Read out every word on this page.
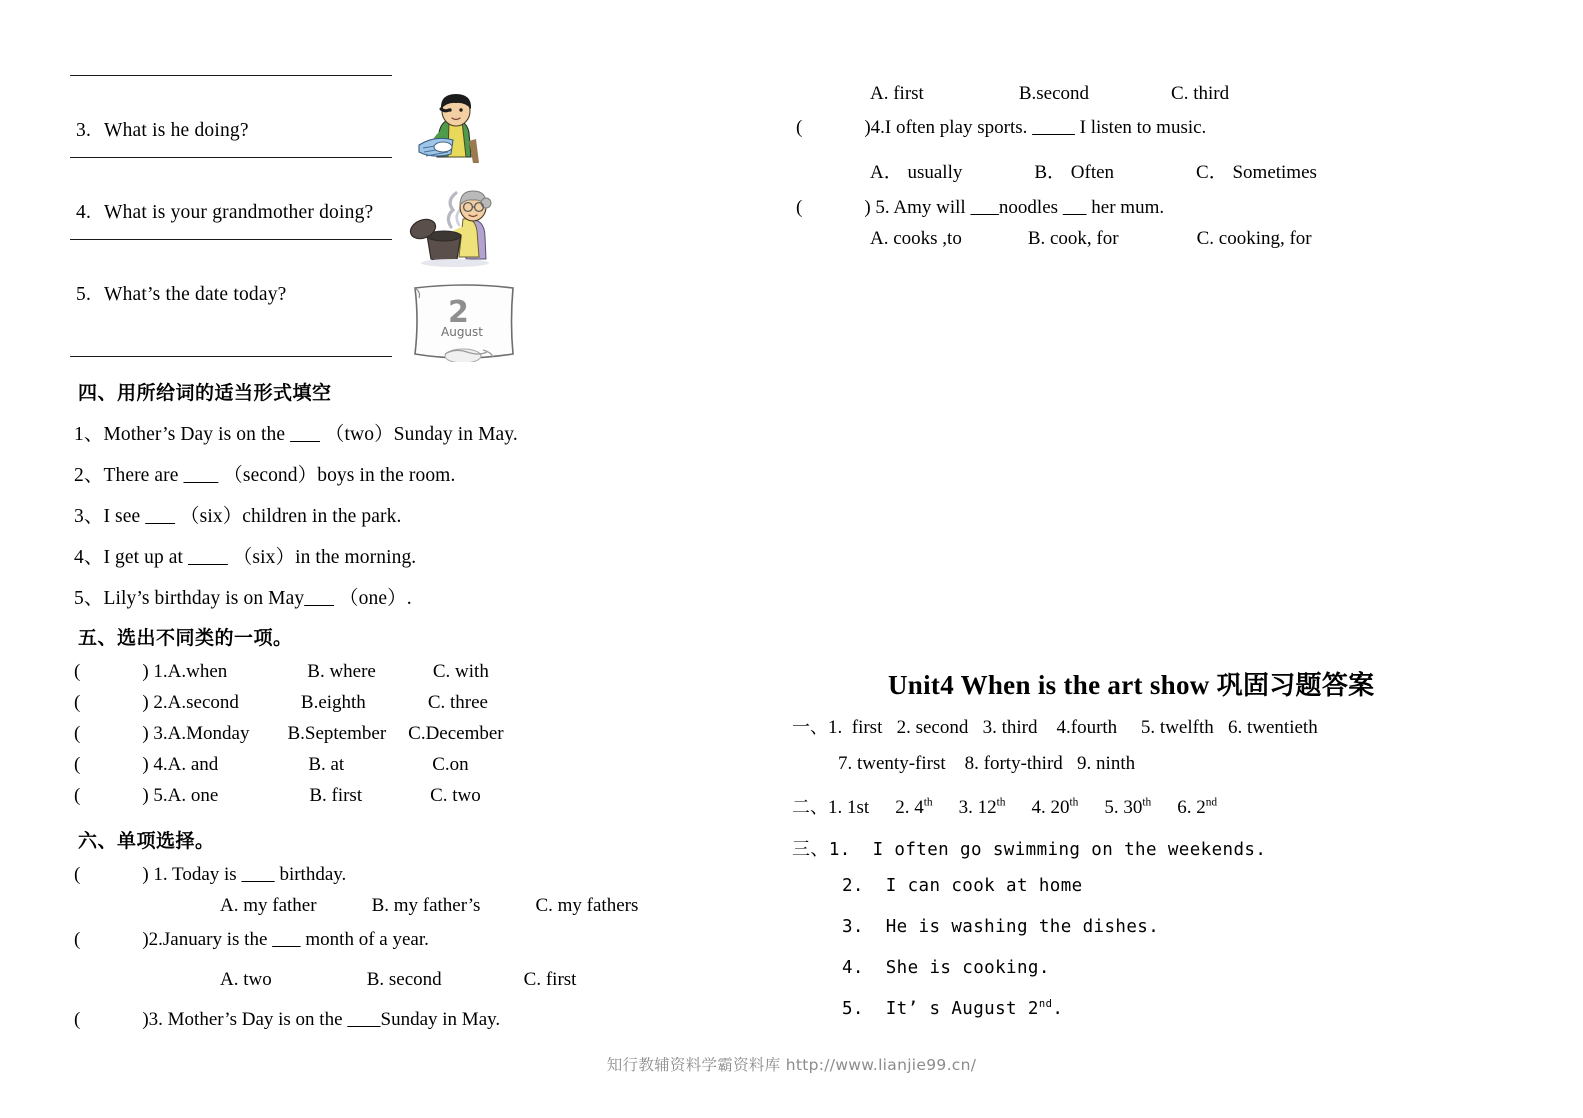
3. What is he doing?
4. What is your grandmother doing?
5. What’s the date today?
四、用所给词的适当形式填空
1、Mother’s Day is on the        （two）Sunday in May.
2、There are         （second）boys in the room.
3、I see        （six）children in the park.
4、I get up at          （six）in the morning.
5、Lily’s birthday is on May       （one）.
五、选出不同类的一项。
(	) 1.A.when	B. where	C. with
(	) 2.A.second	B.eighth	C. three
(	) 3.A.Monday B.September C.December
(	) 4.A. and	B. at	C.on
(	) 5.A. one	B. first	C. two
六、单项选择。
(	) 1. Today is         birthday.
A. my father	B. my father’s	C. my fathers
(	)2.January is the        month of a year.
A. two	B. second	C. first
(	)3. Mother’s Day is on the        Sunday in May.
2
August
A. first	B.second	C. third
(	)4.I often play sports.           I listen to music.
A． usually	B． Often	C． Sometimes
(	) 5. Amy will       noodles       her mum.
A. cooks ,to	B. cook, for	C. cooking, for
Unit4 When is the art show 巩固习题答案
一、1.  first   2. second   3. third    4.fourth     5. twelfth   6. twentieth
7. twenty-first    8. forty-third   9. ninth
二、1. 1st 2. 4th 3. 12th 4. 20th 5. 30th 6. 2nd
三、1. I often go swimming on the weekends.
2. I can cook at home
3. He is washing the dishes.
4. She is cooking.
5. It’ s August 2nd.
知行教辅资料学霸资料库 http://www.lianjie99.cn/
